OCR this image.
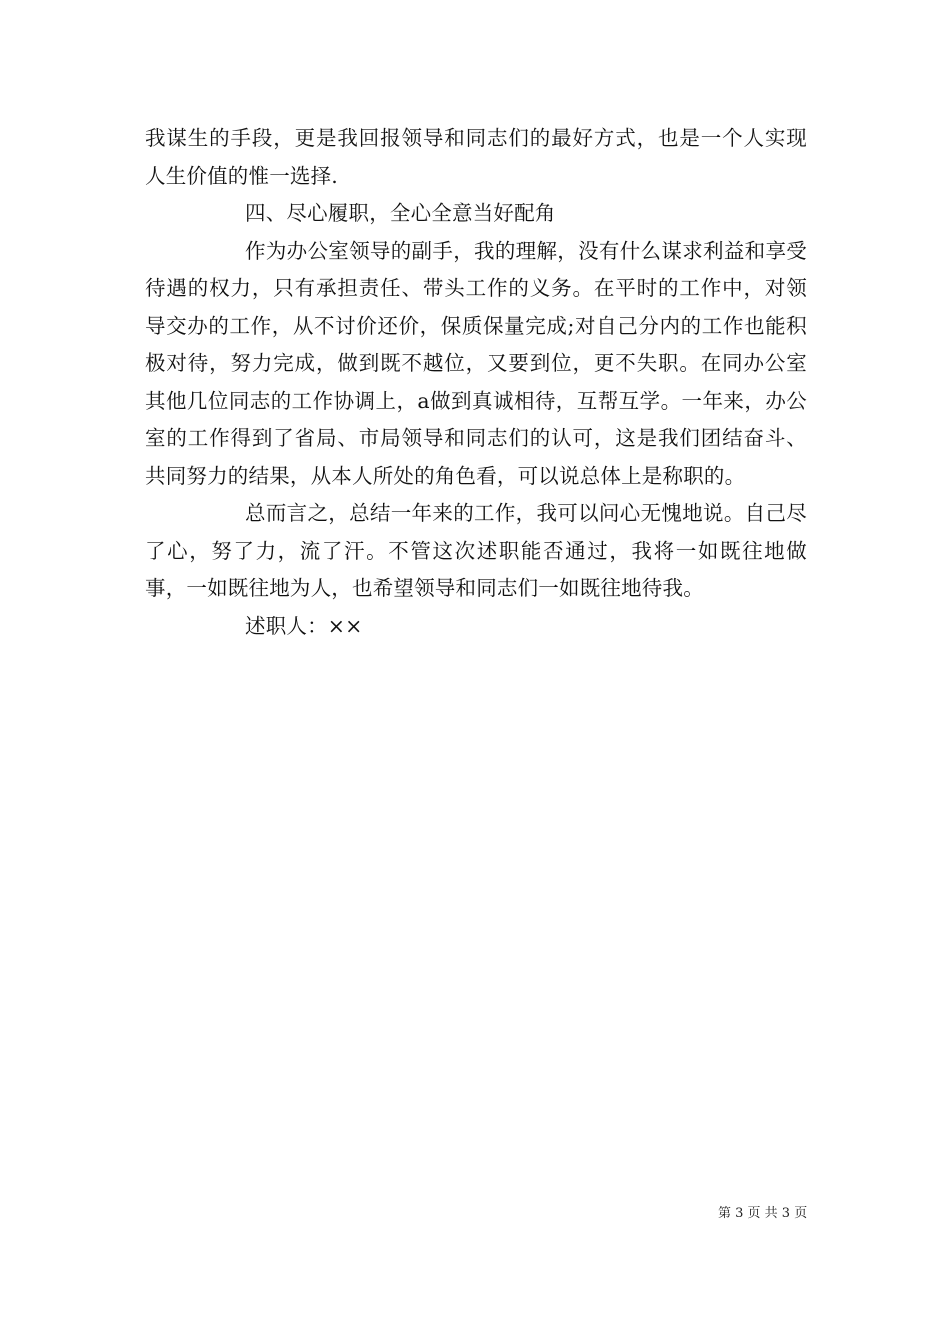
我谋生的手段，更是我回报领导和同志们的最好方式，也是一个人实现人生价值的惟一选择.

四、尽心履职，全心全意当好配角

作为办公室领导的副手，我的理解，没有什么谋求利益和享受待遇的权力，只有承担责任、带头工作的义务。在平时的工作中，对领导交办的工作，从不讨价还价，保质保量完成;对自己分内的工作也能积极对待，努力完成，做到既不越位，又要到位，更不失职。在同办公室其他几位同志的工作协调上，a做到真诚相待，互帮互学。一年来，办公室的工作得到了省局、市局领导和同志们的认可，这是我们团结奋斗、共同努力的结果，从本人所处的角色看，可以说总体上是称职的。

总而言之，总结一年来的工作，我可以问心无愧地说。自己尽了心，努了力，流了汗。不管这次述职能否通过，我将一如既往地做事，一如既往地为人，也希望领导和同志们一如既往地待我。

述职人：××

第 3 页 共 3 页
